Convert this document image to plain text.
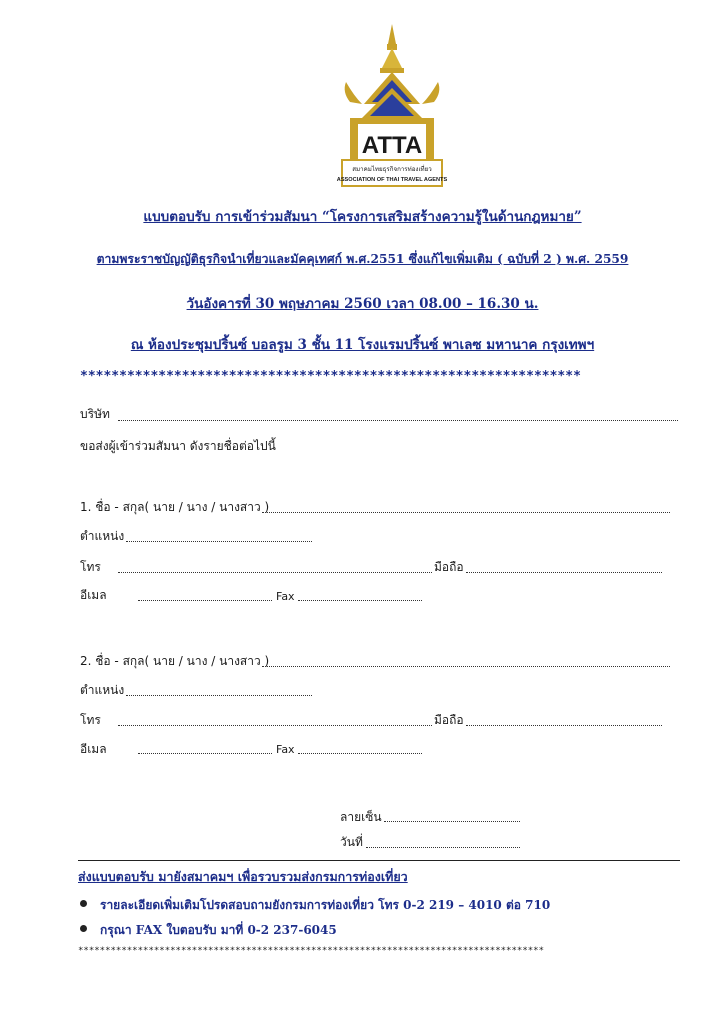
ATTA
สมาคมไทยธุรกิจการท่องเที่ยว
ASSOCIATION OF THAI TRAVEL AGENTS
แบบตอบรับ การเข้าร่วมสัมนา “โครงการเสริมสร้างความรู้ในด้านกฎหมาย”
ตามพระราชบัญญัติธุรกิจนำเที่ยวและมัคคุเทศก์ พ.ศ.2551 ซึ่งแก้ไขเพิ่มเติม ( ฉบับที่ 2 ) พ.ศ. 2559
วันอังคารที่ 30 พฤษภาคม 2560 เวลา 08.00 – 16.30 น.
ณ ห้องประชุมปริ้นซ์ บอลรูม 3 ชั้น 11 โรงแรมปริ้นซ์ พาเลซ มหานาค กรุงเทพฯ
****************************************************************
บริษัท
ขอส่งผู้เข้าร่วมสัมนา ดังรายชื่อต่อไปนี้
1. ชื่อ - สกุล( นาย / นาง / นางสาว )
ตำแหน่ง
โทร	มือถือ
อีเมล	Fax
2. ชื่อ - สกุล( นาย / นาง / นางสาว )
ตำแหน่ง
โทร	มือถือ
อีเมล	Fax
ลายเซ็น
วันที่
ส่งแบบตอบรับ มายังสมาคมฯ เพื่อรวบรวมส่งกรมการท่องเที่ยว
รายละเอียดเพิ่มเติมโปรดสอบถามยังกรมการท่องเที่ยว โทร 0-2 219 – 4010 ต่อ 710
กรุณา FAX ใบตอบรับ มาที่ 0-2 237-6045
**************************************************************************************
